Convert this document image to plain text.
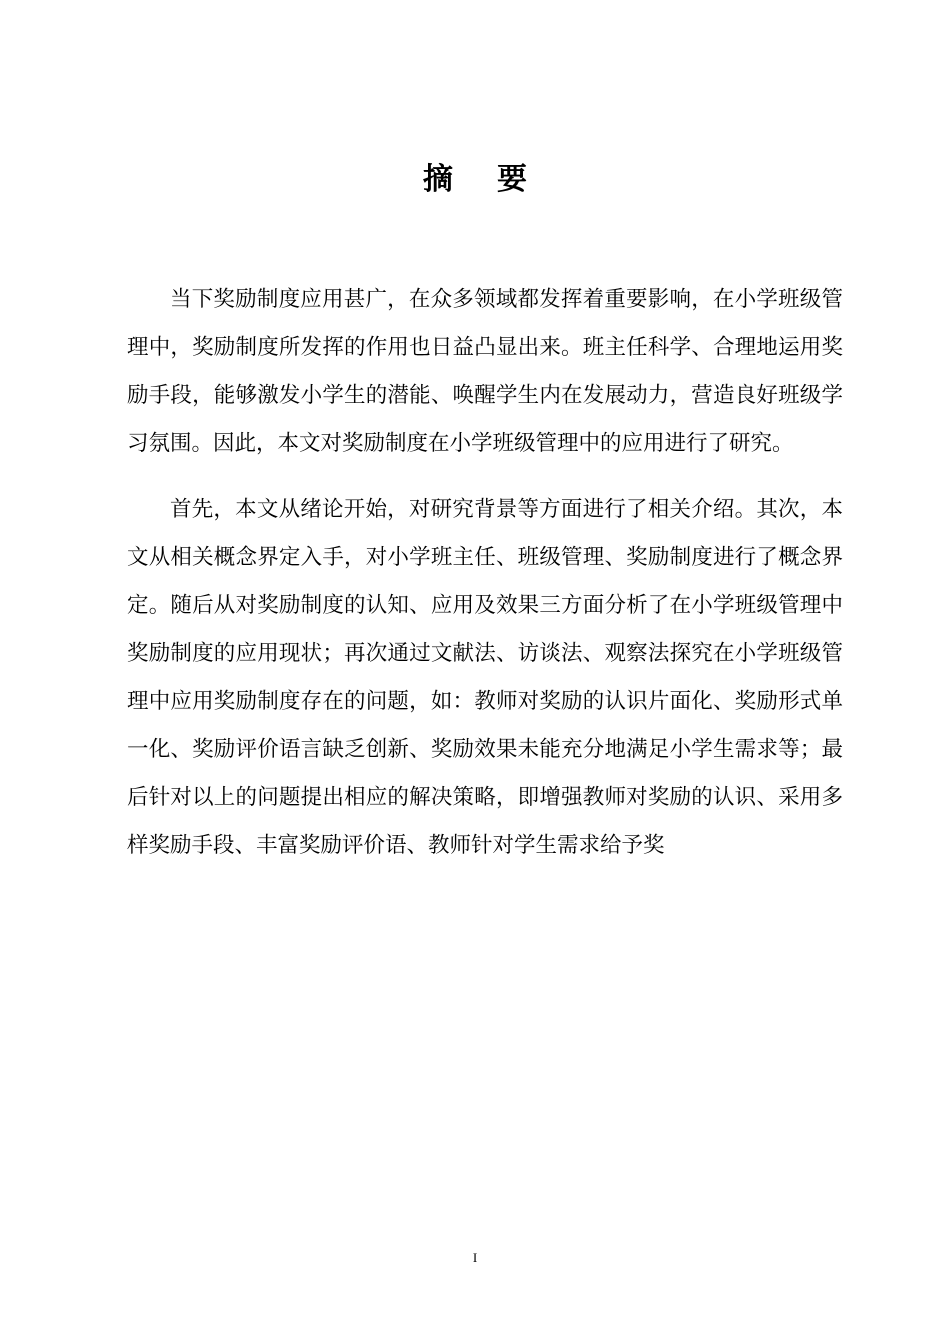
摘 要

当下奖励制度应用甚广，在众多领域都发挥着重要影响，在小学班级管理中，奖励制度所发挥的作用也日益凸显出来。班主任科学、合理地运用奖励手段，能够激发小学生的潜能、唤醒学生内在发展动力，营造良好班级学习氛围。因此，本文对奖励制度在小学班级管理中的应用进行了研究。

首先，本文从绪论开始，对研究背景等方面进行了相关介绍。其次，本文从相关概念界定入手，对小学班主任、班级管理、奖励制度进行了概念界定。随后从对奖励制度的认知、应用及效果三方面分析了在小学班级管理中奖励制度的应用现状；再次通过文献法、访谈法、观察法探究在小学班级管理中应用奖励制度存在的问题，如：教师对奖励的认识片面化、奖励形式单一化、奖励评价语言缺乏创新、奖励效果未能充分地满足小学生需求等；最后针对以上的问题提出相应的解决策略，即增强教师对奖励的认识、采用多样奖励手段、丰富奖励评价语、教师针对学生需求给予奖

I
